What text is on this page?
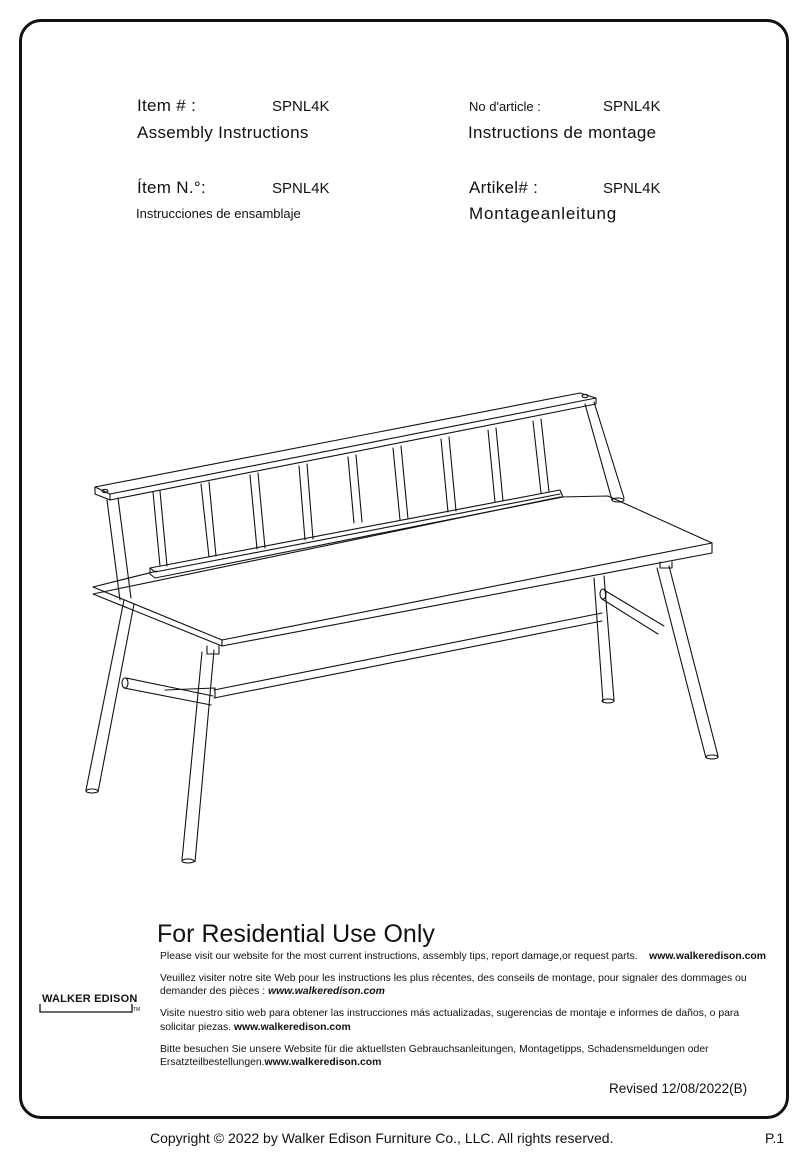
Item # :	SPNL4K
Assembly Instructions
No d'article :	SPNL4K
Instructions de montage
Ítem N.°:	SPNL4K
Instrucciones de ensamblaje
Artikel# :	SPNL4K
Montageanleitung
For Residential Use Only
Please visit our website for the most current instructions, assembly tips, report damage,or request parts. www.walkeredison.com
Veuillez visiter notre site Web pour les instructions les plus récentes, des conseils de montage, pour signaler des dommages ou demander des pièces : www.walkeredison.com
Visite nuestro sitio web para obtener las instrucciones más actualizadas, sugerencias de montaje e informes de daños, o para solicitar piezas. www.walkeredison.com
Bitte besuchen Sie unsere Website für die aktuellsten Gebrauchsanleitungen, Montagetipps, Schadensmeldungen oder Ersatzteilbestellungen.www.walkeredison.com
WALKER EDISON
TM
Revised 12/08/2022(B)
Copyright © 2022 by Walker Edison Furniture Co., LLC. All rights reserved.	P.1
